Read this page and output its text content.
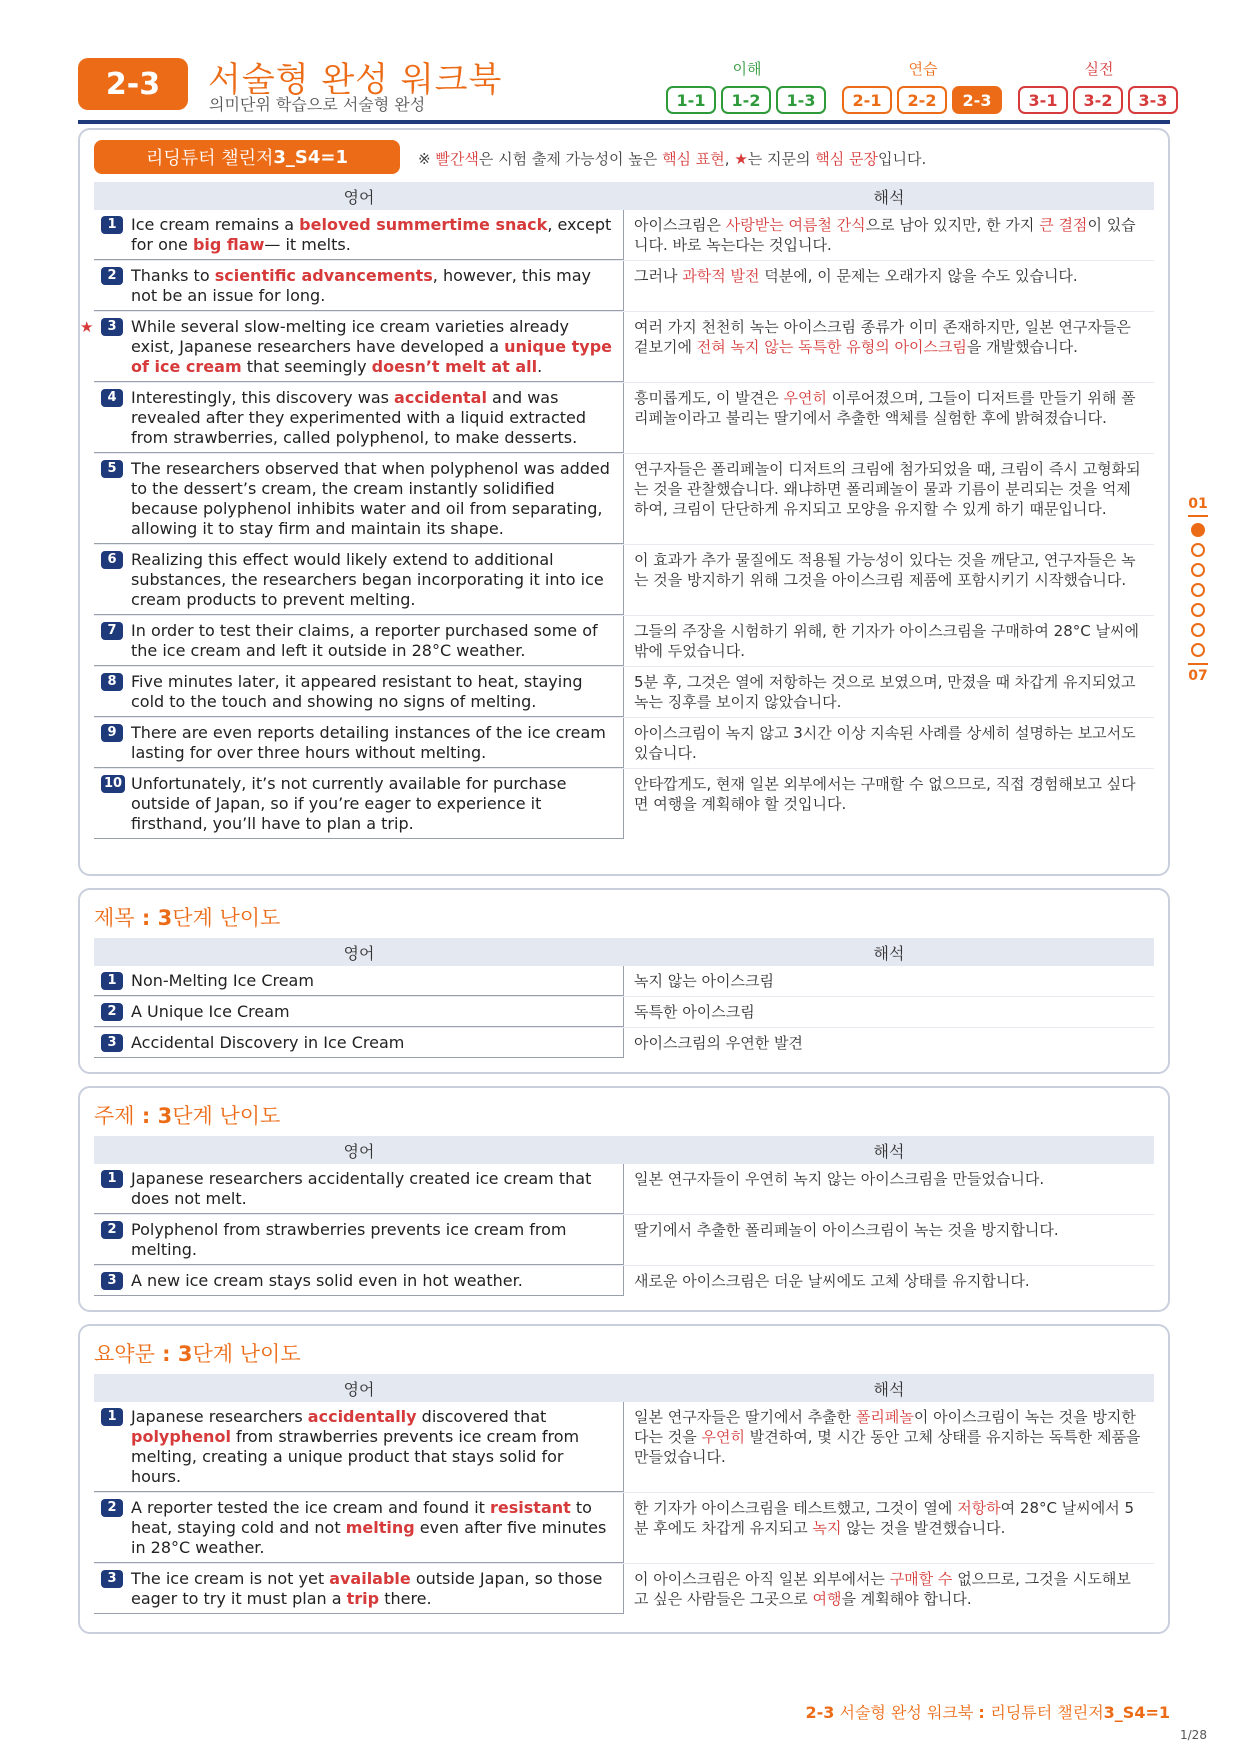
2-3	서술형 완성 워크북
의미단위 학습으로 서술형 완성
이해	연습	실전
1-1	1-2	1-3	2-1	2-2	2-3	3-1	3-2	3-3
리딩튜터 챌린저 3_S4=1	※ 빨간색은 시험 출제 가능성이 높은 핵심 표현, ★는 지문의 핵심 문장입니다.
영어	해석
1 Ice cream remains a beloved summertime snack, except for one big flaw— it melts.
아이스크림은 사랑받는 여름철 간식으로 남아 있지만, 한 가지 큰 결점이 있습니다. 바로 녹는다는 것입니다.
2 Thanks to scientific advancements, however, this may not be an issue for long.
그러나 과학적 발전 덕분에, 이 문제는 오래가지 않을 수도 있습니다.
★	3 While several slow-melting ice cream varieties already exist, Japanese researchers have developed a unique type of ice cream that seemingly doesn’t melt at all.
여러 가지 천천히 녹는 아이스크림 종류가 이미 존재하지만, 일본 연구자들은 겉보기에 전혀 녹지 않는 독특한 유형의 아이스크림을 개발했습니다.
4 Interestingly, this discovery was accidental and was revealed after they experimented with a liquid extracted from strawberries, called polyphenol, to make desserts.
흥미롭게도, 이 발견은 우연히 이루어졌으며, 그들이 디저트를 만들기 위해 폴리페놀이라고 불리는 딸기에서 추출한 액체를 실험한 후에 밝혀졌습니다.
5 The researchers observed that when polyphenol was added to the dessert’s cream, the cream instantly solidified because polyphenol inhibits water and oil from separating, allowing it to stay firm and maintain its shape.
연구자들은 폴리페놀이 디저트의 크림에 첨가되었을 때, 크림이 즉시 고형화되는 것을 관찰했습니다. 왜냐하면 폴리페놀이 물과 기름이 분리되는 것을 억제하여, 크림이 단단하게 유지되고 모양을 유지할 수 있게 하기 때문입니다.
6 Realizing this effect would likely extend to additional substances, the researchers began incorporating it into ice cream products to prevent melting.
이 효과가 추가 물질에도 적용될 가능성이 있다는 것을 깨닫고, 연구자들은 녹는 것을 방지하기 위해 그것을 아이스크림 제품에 포함시키기 시작했습니다.
7 In order to test their claims, a reporter purchased some of the ice cream and left it outside in 28°C weather.
그들의 주장을 시험하기 위해, 한 기자가 아이스크림을 구매하여 28°C 날씨에 밖에 두었습니다.
8 Five minutes later, it appeared resistant to heat, staying cold to the touch and showing no signs of melting.
5분 후, 그것은 열에 저항하는 것으로 보였으며, 만졌을 때 차갑게 유지되었고 녹는 징후를 보이지 않았습니다.
9 There are even reports detailing instances of the ice cream lasting for over three hours without melting.
아이스크림이 녹지 않고 3시간 이상 지속된 사례를 상세히 설명하는 보고서도 있습니다.
10 Unfortunately, it’s not currently available for purchase outside of Japan, so if you’re eager to experience it firsthand, you’ll have to plan a trip.
안타깝게도, 현재 일본 외부에서는 구매할 수 없으므로, 직접 경험해보고 싶다면 여행을 계획해야 할 것입니다.
제목 : 3단계 난이도
영어	해석
1 Non-Melting Ice Cream	녹지 않는 아이스크림
2 A Unique Ice Cream	독특한 아이스크림
3 Accidental Discovery in Ice Cream	아이스크림의 우연한 발견
주제 : 3단계 난이도
영어	해석
1 Japanese researchers accidentally created ice cream that does not melt.
일본 연구자들이 우연히 녹지 않는 아이스크림을 만들었습니다.
2 Polyphenol from strawberries prevents ice cream from melting.
딸기에서 추출한 폴리페놀이 아이스크림이 녹는 것을 방지합니다.
3 A new ice cream stays solid even in hot weather.	새로운 아이스크림은 더운 날씨에도 고체 상태를 유지합니다.
요약문 : 3단계 난이도
영어	해석
1 Japanese researchers accidentally discovered that polyphenol from strawberries prevents ice cream from melting, creating a unique product that stays solid for hours.
일본 연구자들은 딸기에서 추출한 폴리페놀이 아이스크림이 녹는 것을 방지한다는 것을 우연히 발견하여, 몇 시간 동안 고체 상태를 유지하는 독특한 제품을 만들었습니다.
2 A reporter tested the ice cream and found it resistant to heat, staying cold and not melting even after five minutes in 28°C weather.
한 기자가 아이스크림을 테스트했고, 그것이 열에 저항하여 28°C 날씨에서 5분 후에도 차갑게 유지되고 녹지 않는 것을 발견했습니다.
3 The ice cream is not yet available outside Japan, so those eager to try it must plan a trip there.
이 아이스크림은 아직 일본 외부에서는 구매할 수 없으므로, 그것을 시도해보고 싶은 사람들은 그곳으로 여행을 계획해야 합니다.
01
07
2-3 서술형 완성 워크북 : 리딩튜터 챌린저3_S4=1
1/28
